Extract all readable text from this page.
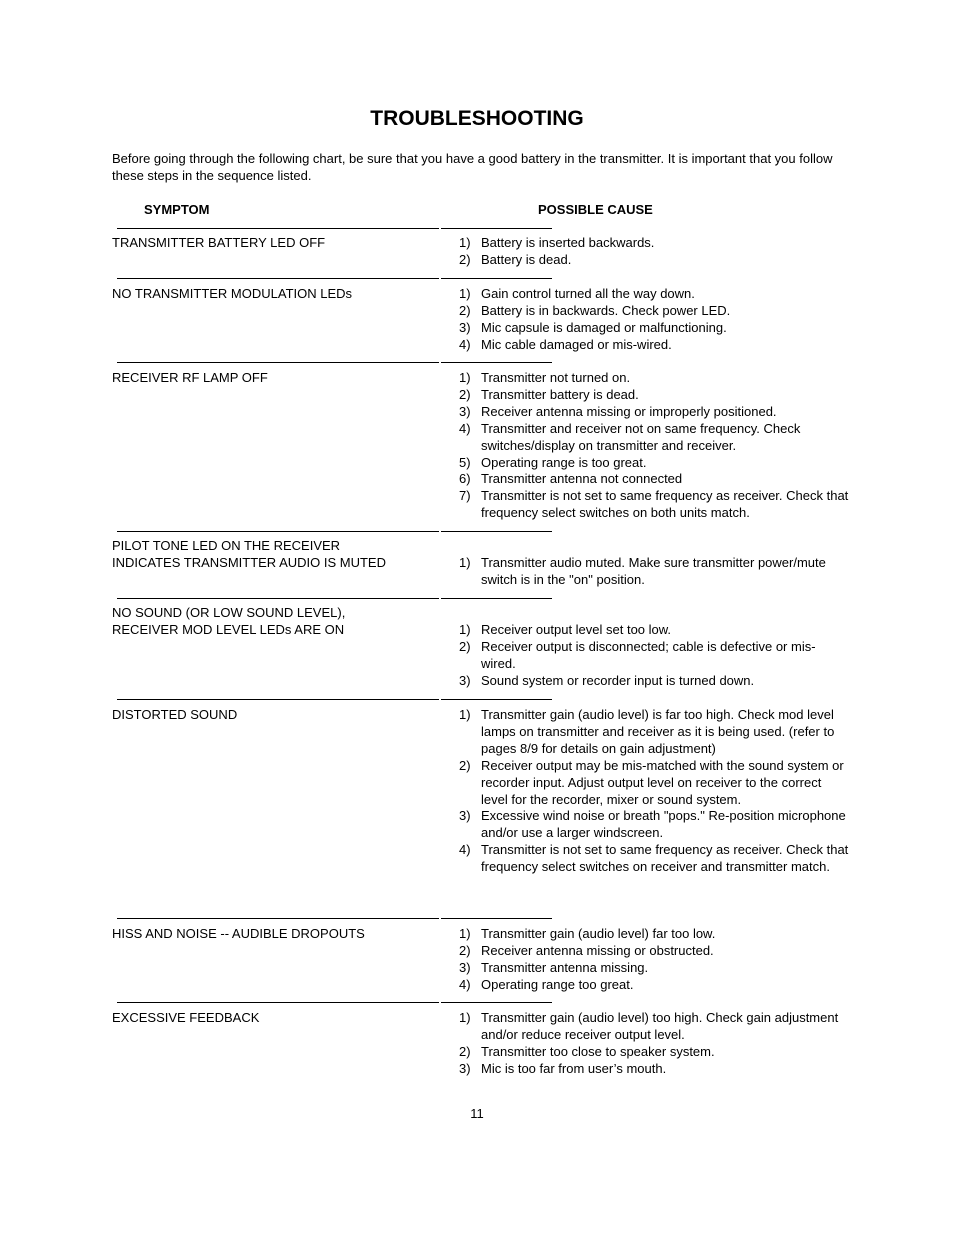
TROUBLESHOOTING
Before going through the following chart, be sure that you have a good battery in the transmitter. It is important that you follow these steps in the sequence listed.
SYMPTOM	POSSIBLE CAUSE
TRANSMITTER BATTERY LED OFF	1) Battery is inserted backwards.
2) Battery is dead.
NO TRANSMITTER MODULATION LEDs	1) Gain control turned all the way down.
2) Battery is in backwards. Check power LED.
3) Mic capsule is damaged or malfunctioning.
4) Mic cable damaged or mis-wired.
RECEIVER RF LAMP OFF	1) Transmitter not turned on.
2) Transmitter battery is dead.
3) Receiver antenna missing or improperly positioned.
4) Transmitter and receiver not on same frequency. Check switches/display on transmitter and receiver.
5) Operating range is too great.
6) Transmitter antenna not connected
7) Transmitter is not set to same frequency as receiver. Check that frequency select switches on both units match.
PILOT TONE LED ON THE RECEIVER
INDICATES TRANSMITTER AUDIO IS MUTED	1) Transmitter audio muted. Make sure transmitter power/mute switch is in the "on" position.
NO SOUND (OR LOW SOUND LEVEL),
RECEIVER MOD LEVEL LEDs ARE ON	1) Receiver output level set too low.
2) Receiver output is disconnected; cable is defective or mis-wired.
3) Sound system or recorder input is turned down.
DISTORTED SOUND	1) Transmitter gain (audio level) is far too high. Check mod level lamps on transmitter and receiver as it is being used. (refer to pages 8/9 for details on gain adjustment)
2) Receiver output may be mis-matched with the sound system or recorder input. Adjust output level on receiver to the correct level for the recorder, mixer or sound system.
3) Excessive wind noise or breath "pops." Re-position microphone and/or use a larger windscreen.
4) Transmitter is not set to same frequency as receiver. Check that frequency select switches on receiver and transmitter match.
HISS AND NOISE -- AUDIBLE DROPOUTS	1) Transmitter gain (audio level) far too low.
2) Receiver antenna missing or obstructed.
3) Transmitter antenna missing.
4) Operating range too great.
EXCESSIVE FEEDBACK	1) Transmitter gain (audio level) too high. Check gain adjustment and/or reduce receiver output level.
2) Transmitter too close to speaker system.
3) Mic is too far from user’s mouth.
11
